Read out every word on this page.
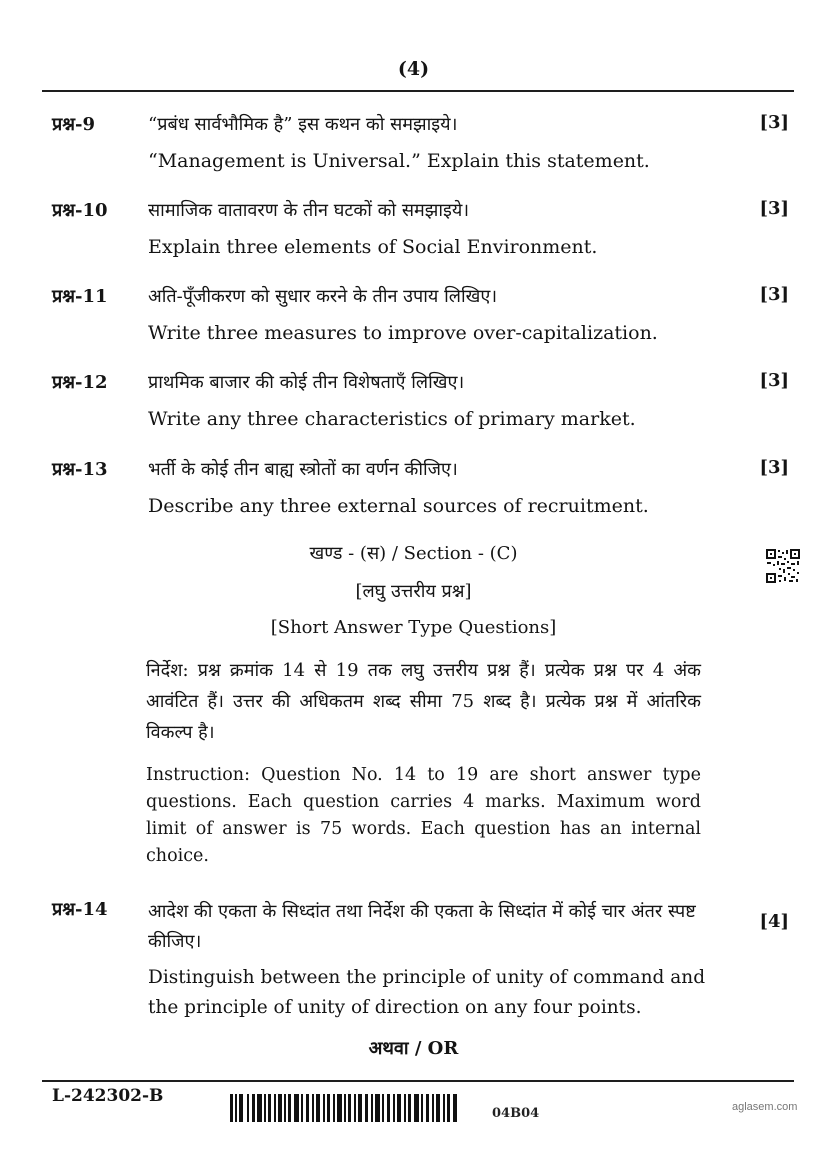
(4)
प्रश्न-9	“प्रबंध सार्वभौमिक है” इस कथन को समझाइये।
“Management is Universal.” Explain this statement.
[3]
प्रश्न-10 सामाजिक वातावरण के तीन घटकों को समझाइये।
Explain three elements of Social Environment.
[3]
प्रश्न-11 अति-पूँजीकरण को सुधार करने के तीन उपाय लिखिए।
Write three measures to improve over-capitalization.
[3]
प्रश्न-12 प्राथमिक बाजार की कोई तीन विशेषताएँ लिखिए।
Write any three characteristics of primary market.
[3]
प्रश्न-13 भर्ती के कोई तीन बाह्य स्त्रोतों का वर्णन कीजिए।
Describe any three external sources of recruitment.
[3]
खण्ड - (स) / Section - (C)
[लघु उत्तरीय प्रश्न]
[Short Answer Type Questions]
निर्देश: प्रश्न क्रमांक 14 से 19 तक लघु उत्तरीय प्रश्न हैं। प्रत्येक प्रश्न पर 4 अंक आवंटित हैं। उत्तर की अधिकतम शब्द सीमा 75 शब्द है। प्रत्येक प्रश्न में आंतरिक विकल्प है।
Instruction: Question No. 14 to 19 are short answer type questions. Each question carries 4 marks. Maximum word limit of answer is 75 words. Each question has an internal choice.
प्रश्न-14 आदेश की एकता के सिध्दांत तथा निर्देश की एकता के सिध्दांत में कोई चार अंतर स्पष्ट कीजिए।
Distinguish between the principle of unity of command and the principle of unity of direction on any four points.
[4]
अथवा / OR
L-242302-B
04B04	aglasem.com
